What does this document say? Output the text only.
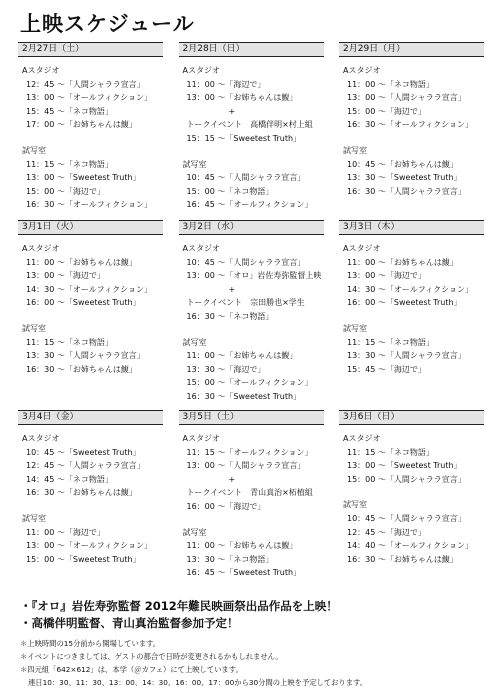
上映スケジュール
2月27日（土）
Aスタジオ
12：45 〜「人間シャララ宣言」
13：00 〜「オールフィクション」
15：45 〜「ネコ物語」
17：00 〜「お姉ちゃんは鰒」
試写室
11：15 〜「ネコ物語」
13：00 〜「Sweetest Truth」
15：00 〜「海辺で」
16：30 〜「オールフィクション」
2月28日（日）
Aスタジオ
11：00 〜「海辺で」
13：00 〜「お姉ちゃんは鰒」
+
トークイベント　高橋伴明×村上組
15：15 〜「Sweetest Truth」
試写室
10：45 〜「人間シャララ宣言」
15：00 〜「ネコ物語」
16：45 〜「オールフィクション」
2月29日（月）
Aスタジオ
11：00 〜「ネコ物語」
13：00 〜「人間シャララ宣言」
15：00 〜「海辺で」
16：30 〜「オールフィクション」
試写室
10：45 〜「お姉ちゃんは鰒」
13：30 〜「Sweetest Truth」
16：30 〜「人間シャララ宣言」
3月1日（火）
Aスタジオ
11：00 〜「お姉ちゃんは鰒」
13：00 〜「海辺で」
14：30 〜「オールフィクション」
16：00 〜「Sweetest Truth」
試写室
11：15 〜「ネコ物語」
13：30 〜「人間シャララ宣言」
16：30 〜「お姉ちゃんは鰒」
3月2日（水）
Aスタジオ
10：45 〜「人間シャララ宣言」
13：00 〜「オロ」岩佐寿弥監督上映
+
トークイベント　宗田勝也×学生
16：30 〜「ネコ物語」
試写室
11：00 〜「お姉ちゃんは鰒」
13：30 〜「海辺で」
15：00 〜「オールフィクション」
16：30 〜「Sweetest Truth」
3月3日（木）
Aスタジオ
11：00 〜「お姉ちゃんは鰒」
13：00 〜「海辺で」
14：30 〜「オールフィクション」
16：00 〜「Sweetest Truth」
試写室
11：15 〜「ネコ物語」
13：30 〜「人間シャララ宣言」
15：45 〜「海辺で」
3月4日（金）
Aスタジオ
10：45 〜「Sweetest Truth」
12：45 〜「人間シャララ宣言」
14：45 〜「ネコ物語」
16：30 〜「お姉ちゃんは鰒」
試写室
11：00 〜「海辺で」
13：00 〜「オールフィクション」
15：00 〜「Sweetest Truth」
3月5日（土）
Aスタジオ
11：15 〜「オールフィクション」
13：00 〜「人間シャララ宣言」
+
トークイベント　青山真治×柘植組
16：00 〜「海辺で」
試写室
11：00 〜「お姉ちゃんは鰒」
13：30 〜「ネコ物語」
16：45 〜「Sweetest Truth」
3月6日（日）
Aスタジオ
11：15 〜「ネコ物語」
13：00 〜「Sweetest Truth」
15：00 〜「人間シャララ宣言」
試写室
10：45 〜「人間シャララ宣言」
12：45 〜「海辺で」
14：40 〜「オールフィクション」
16：30 〜「お姉ちゃんは鰒」
・『オロ』岩佐寿弥監督 2012年難民映画祭出品作品を上映！
・高橋伴明監督、青山真治監督参加予定！
＊上映時間の15分前から開場しています。
＊イベントにつきましては、ゲストの都合で日時が変更されるかもしれません。
＊四元組「642×612」は、本学（＠カフェ）にて上映しています。
連日10：30、11：30、13：00、14：30、16：00、17：00から30分間の上映を予定しております。
